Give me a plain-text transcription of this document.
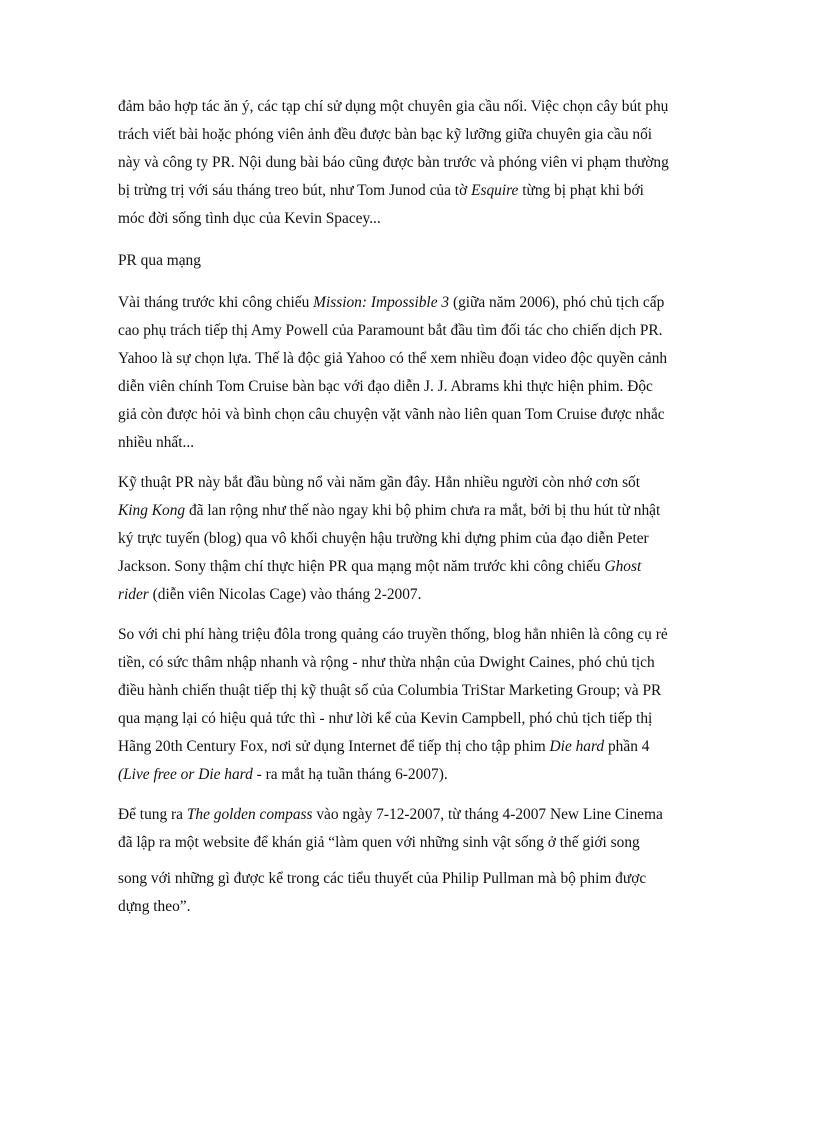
đảm bảo hợp tác ăn ý, các tạp chí sử dụng một chuyên gia cầu nối. Việc chọn cây bút phụ
trách viết bài hoặc phóng viên ảnh đều được bàn bạc kỹ lưỡng giữa chuyên gia cầu nối
này và công ty PR. Nội dung bài báo cũng được bàn trước và phóng viên vi phạm thường
bị trừng trị với sáu tháng treo bút, như Tom Junod của tờ Esquire từng bị phạt khi bới
móc đời sống tình dục của Kevin Spacey...
PR qua mạng
Vài tháng trước khi công chiếu Mission: Impossible 3 (giữa năm 2006), phó chủ tịch cấp
cao phụ trách tiếp thị Amy Powell của Paramount bắt đầu tìm đối tác cho chiến dịch PR.
Yahoo là sự chọn lựa. Thế là độc giả Yahoo có thể xem nhiều đoạn video độc quyền cảnh
diễn viên chính Tom Cruise bàn bạc với đạo diễn J. J. Abrams khi thực hiện phim. Độc
giả còn được hỏi và bình chọn câu chuyện vặt vãnh nào liên quan Tom Cruise được nhắc
nhiều nhất...
Kỹ thuật PR này bắt đầu bùng nổ vài năm gần đây. Hẳn nhiều người còn nhớ cơn sốt
King Kong đã lan rộng như thế nào ngay khi bộ phim chưa ra mắt, bởi bị thu hút từ nhật
ký trực tuyến (blog) qua vô khối chuyện hậu trường khi dựng phim của đạo diễn Peter
Jackson. Sony thậm chí thực hiện PR qua mạng một năm trước khi công chiếu Ghost
rider (diễn viên Nicolas Cage) vào tháng 2-2007.
So với chi phí hàng triệu đôla trong quảng cáo truyền thống, blog hẳn nhiên là công cụ rẻ
tiền, có sức thâm nhập nhanh và rộng - như thừa nhận của Dwight Caines, phó chủ tịch
điều hành chiến thuật tiếp thị kỹ thuật số của Columbia TriStar Marketing Group; và PR
qua mạng lại có hiệu quả tức thì - như lời kể của Kevin Campbell, phó chủ tịch tiếp thị
Hãng 20th Century Fox, nơi sử dụng Internet để tiếp thị cho tập phim Die hard phần 4
(Live free or Die hard - ra mắt hạ tuần tháng 6-2007).
Để tung ra The golden compass vào ngày 7-12-2007, từ tháng 4-2007 New Line Cinema
đã lập ra một website để khán giả “làm quen với những sinh vật sống ở thế giới song
song với những gì được kể trong các tiểu thuyết của Philip Pullman mà bộ phim được
dựng theo”.
